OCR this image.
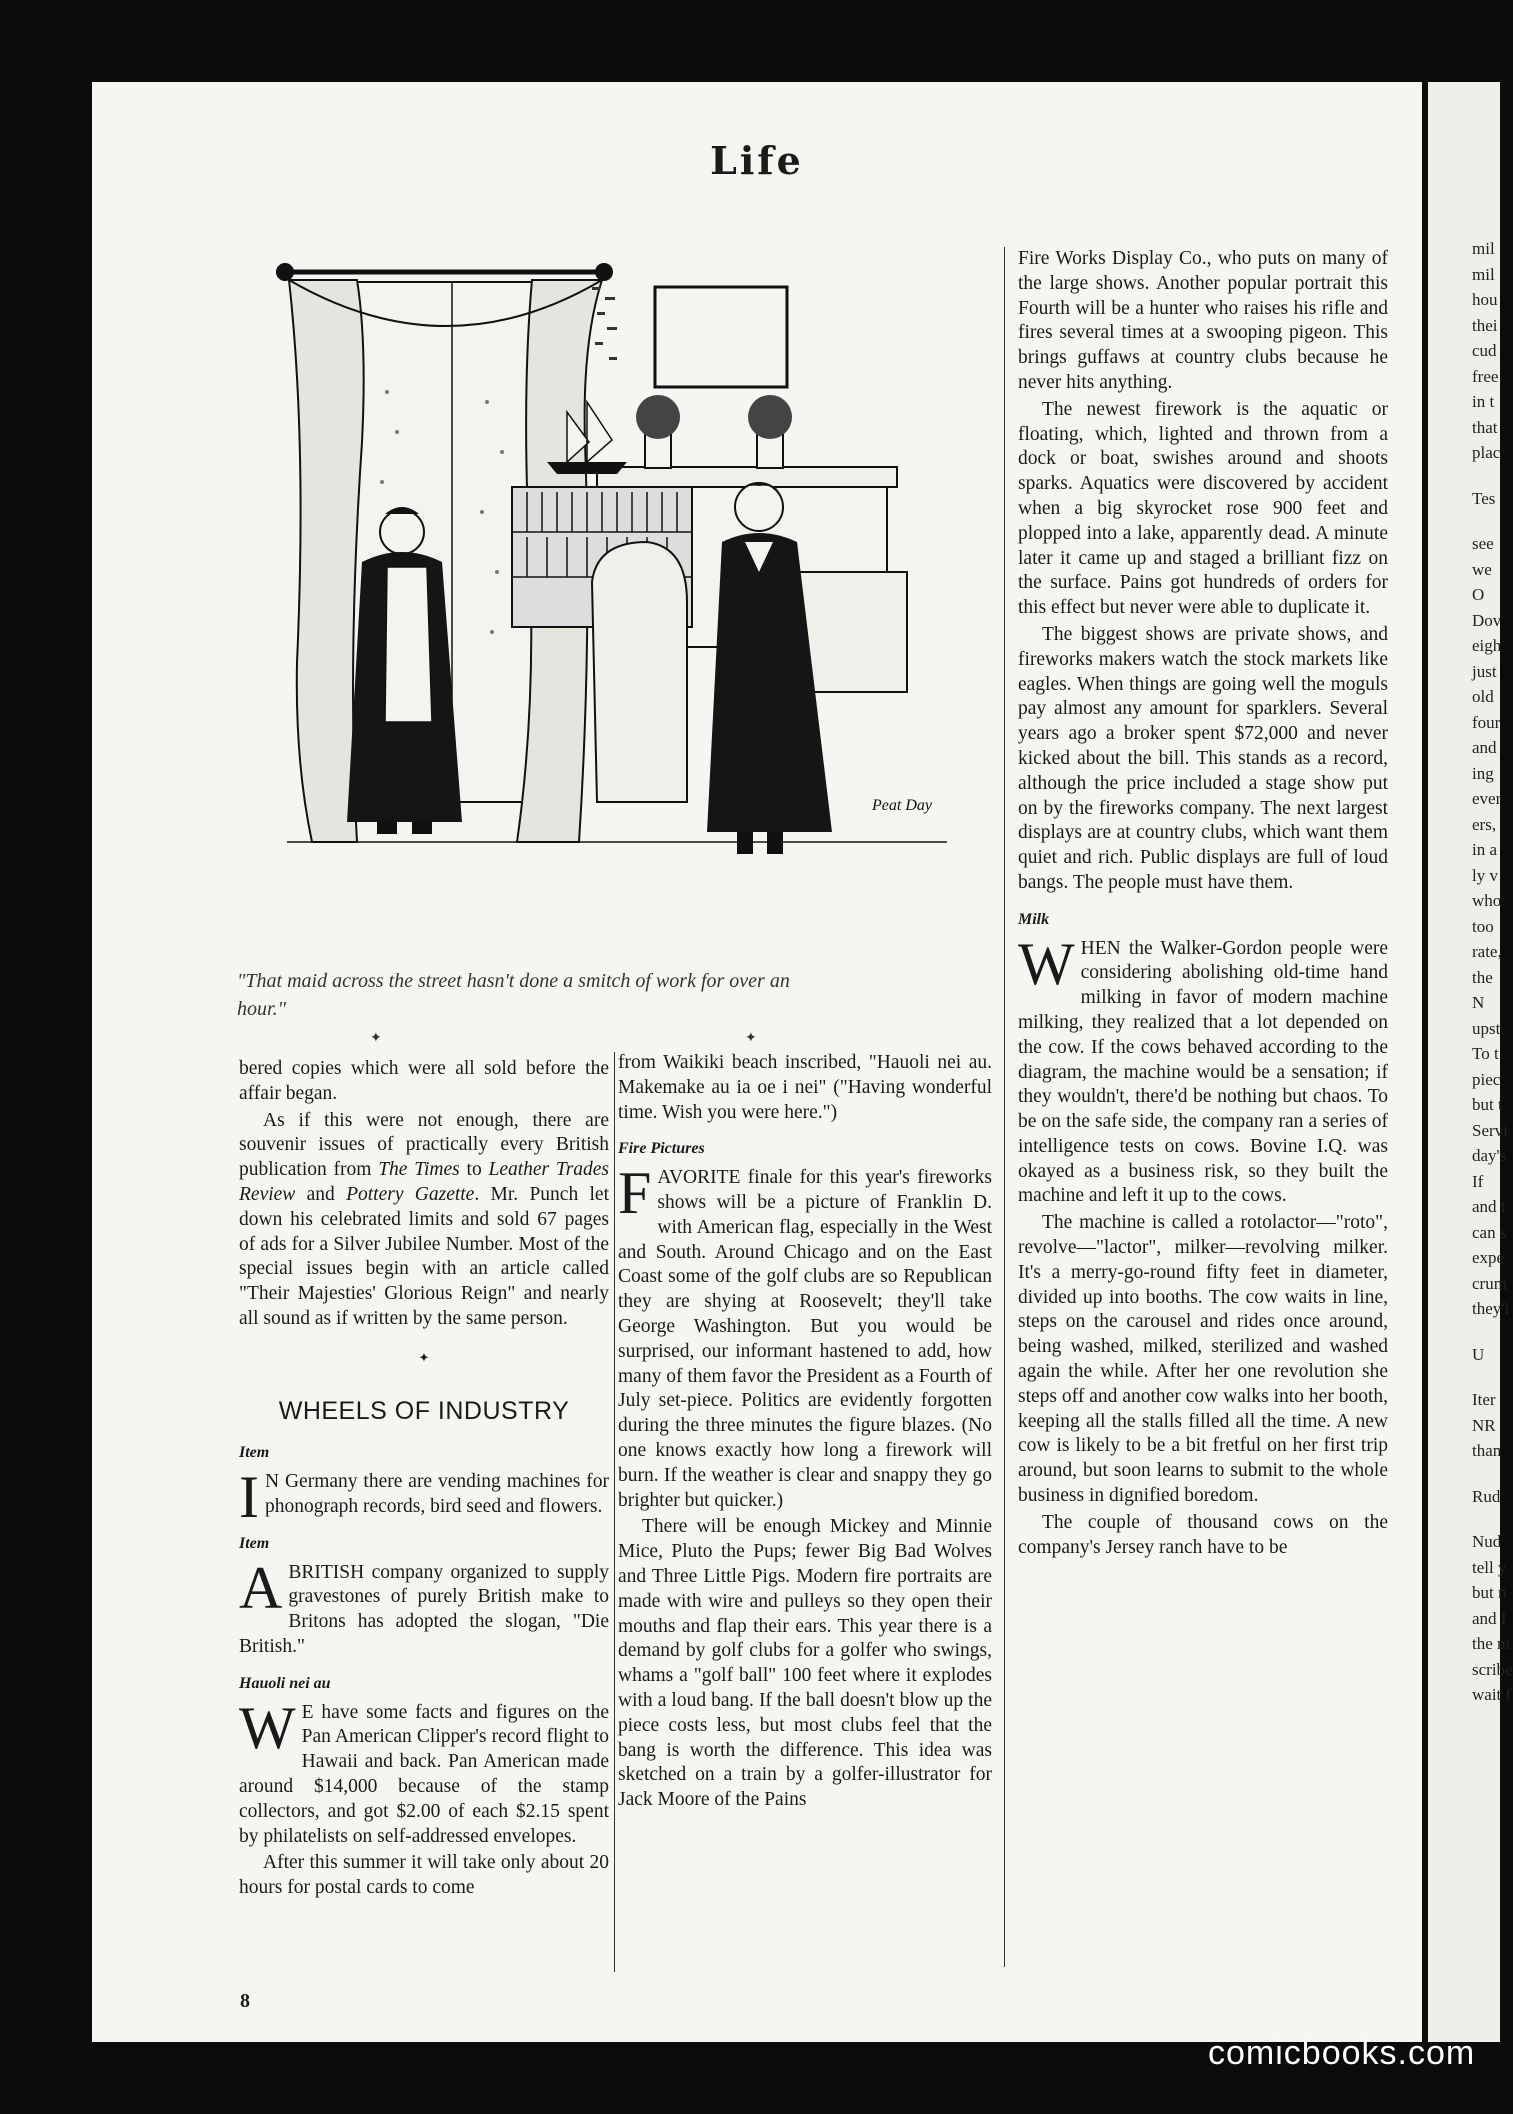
Life
Peat Day
"That maid across the street hasn't done a smitch of work for over an hour."
✦	✦

bered copies which were all sold before the affair began.

As if this were not enough, there are souvenir issues of practically every British publication from The Times to Leather Trades Review and Pottery Gazette. Mr. Punch let down his celebrated limits and sold 67 pages of ads for a Silver Jubilee Number. Most of the special issues begin with an article called "Their Majesties' Glorious Reign" and nearly all sound as if written by the same person.

✦
WHEELS OF INDUSTRY
Item

I N Germany there are vending machines for phonograph records, bird seed and flowers.

Item

A BRITISH company organized to supply gravestones of purely British make to Britons has adopted the slogan, "Die British."

Hauoli nei au

W E have some facts and figures on the Pan American Clipper's record flight to Hawaii and back. Pan American made around $14,000 because of the stamp collectors, and got $2.00 of each $2.15 spent by philatelists on self-addressed envelopes.

After this summer it will take only about 20 hours for postal cards to come

from Waikiki beach inscribed, "Hauoli nei au. Makemake au ia oe i nei" ("Having wonderful time. Wish you were here.")

Fire Pictures

FAVORITE finale for this year's fireworks shows will be a picture of Franklin D. with American flag, especially in the West and South. Around Chicago and on the East Coast some of the golf clubs are so Republican they are shying at Roosevelt; they'll take George Washington. But you would be surprised, our informant hastened to add, how many of them favor the President as a Fourth of July set-piece. Politics are evidently forgotten during the three minutes the figure blazes. (No one knows exactly how long a firework will burn. If the weather is clear and snappy they go brighter but quicker.)

There will be enough Mickey and Minnie Mice, Pluto the Pups; fewer Big Bad Wolves and Three Little Pigs. Modern fire portraits are made with wire and pulleys so they open their mouths and flap their ears. This year there is a demand by golf clubs for a golfer who swings, whams a "golf ball" 100 feet where it explodes with a loud bang. If the ball doesn't blow up the piece costs less, but most clubs feel that the bang is worth the difference. This idea was sketched on a train by a golfer-illustrator for Jack Moore of the Pains

Fire Works Display Co., who puts on many of the large shows. Another popular portrait this Fourth will be a hunter who raises his rifle and fires several times at a swooping pigeon. This brings guffaws at country clubs because he never hits anything.

The newest firework is the aquatic or floating, which, lighted and thrown from a dock or boat, swishes around and shoots sparks. Aquatics were discovered by accident when a big skyrocket rose 900 feet and plopped into a lake, apparently dead. A minute later it came up and staged a brilliant fizz on the surface. Pains got hundreds of orders for this effect but never were able to duplicate it.

The biggest shows are private shows, and fireworks makers watch the stock markets like eagles. When things are going well the moguls pay almost any amount for sparklers. Several years ago a broker spent $72,000 and never kicked about the bill. This stands as a record, although the price included a stage show put on by the fireworks company. The next largest displays are at country clubs, which want them quiet and rich. Public displays are full of loud bangs. The people must have them.

Milk

WHEN the Walker-Gordon people were considering abolishing old-time hand milking in favor of modern machine milking, they realized that a lot depended on the cow. If the cows behaved according to the diagram, the machine would be a sensation; if they wouldn't, there'd be nothing but chaos. To be on the safe side, the company ran a series of intelligence tests on cows. Bovine I.Q. was okayed as a business risk, so they built the machine and left it up to the cows.

The machine is called a rotolactor—"roto", revolve—"lactor", milker—revolving milker. It's a merry-go-round fifty feet in diameter, divided up into booths. The cow waits in line, steps on the carousel and rides once around, being washed, milked, sterilized and washed again the while. After her one revolution she steps off and another cow walks into her booth, keeping all the stalls filled all the time. A new cow is likely to be a bit fretful on her first trip around, but soon learns to submit to the whole business in dignified boredom.

The couple of thousand cows on the company's Jersey ranch have to be

8
mil
mil
hou
thei
cud
free
in t
that
plac
Tes
see
we
O
Dov
eigh
just
old
four
and
ing
ever
ers,
in a
ly v
who
too
rate,
the
N
upst
To t
piec
but t
Servi
day's
If
and t
can s
expe
crum
they'l
U
Iter
NR
than
Rud
Nud
tell y
but n
and I
the m
scribe
wait f
comicbooks.com
